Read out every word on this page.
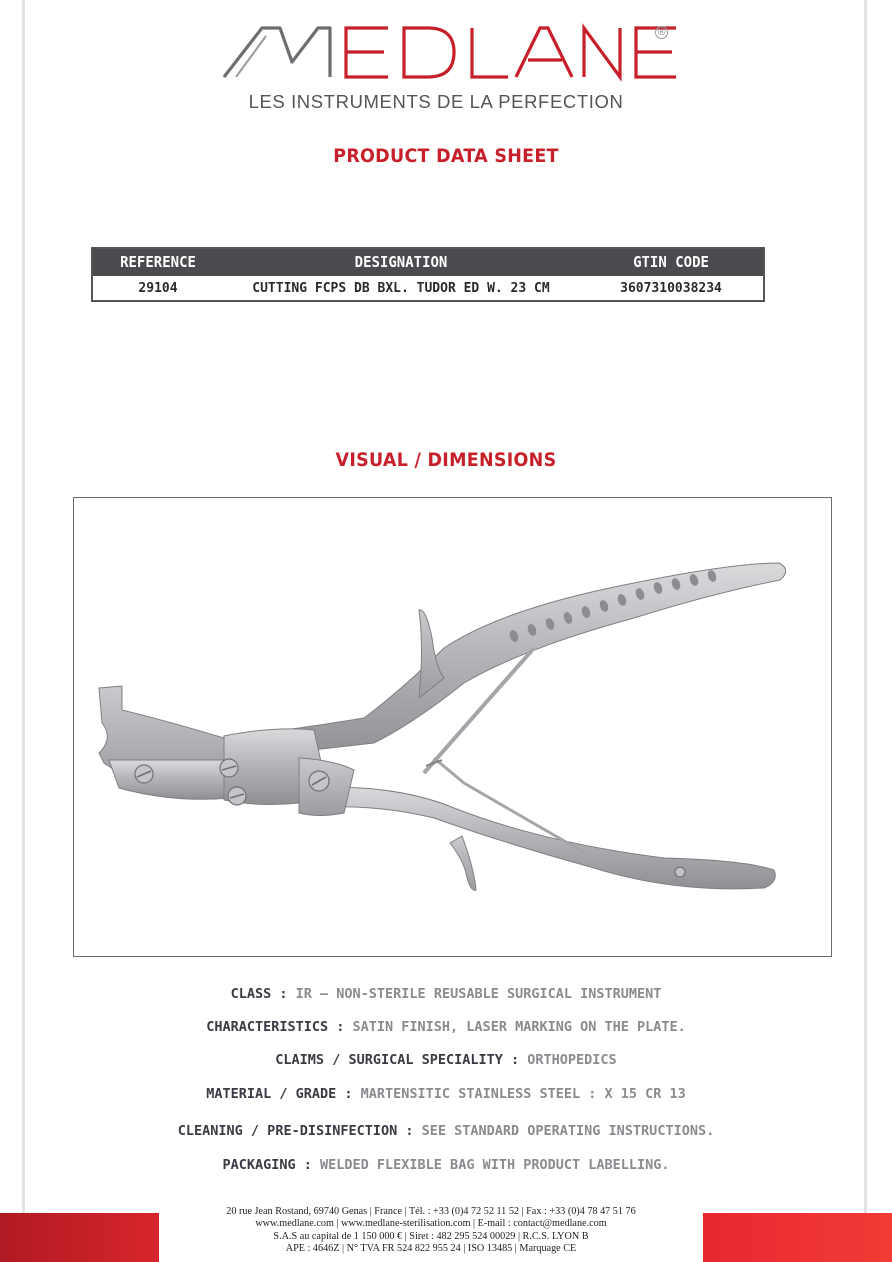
®
LES INSTRUMENTS DE LA PERFECTION
PRODUCT DATA SHEET
REFERENCE	DESIGNATION	GTIN CODE
29104	CUTTING FCPS DB BXL. TUDOR ED W. 23 CM	3607310038234
VISUAL / DIMENSIONS
CLASS : IR – NON-STERILE REUSABLE SURGICAL INSTRUMENT
CHARACTERISTICS : SATIN FINISH, LASER MARKING ON THE PLATE.
CLAIMS / SURGICAL SPECIALITY : ORTHOPEDICS
MATERIAL / GRADE : MARTENSITIC STAINLESS STEEL : X 15 CR 13
CLEANING / PRE-DISINFECTION : SEE STANDARD OPERATING INSTRUCTIONS.
PACKAGING : WELDED FLEXIBLE BAG WITH PRODUCT LABELLING.
20 rue Jean Rostand, 69740 Genas | France | Tél. : +33 (0)4 72 52 11 52 | Fax : +33 (0)4 78 47 51 76
www.medlane.com | www.medlane-sterilisation.com | E-mail : contact@medlane.com
S.A.S au capital de 1 150 000 € | Siret : 482 295 524 00029 | R.C.S. LYON B
APE : 4646Z | N° TVA FR 524 822 955 24 | ISO 13485 | Marquage CE
